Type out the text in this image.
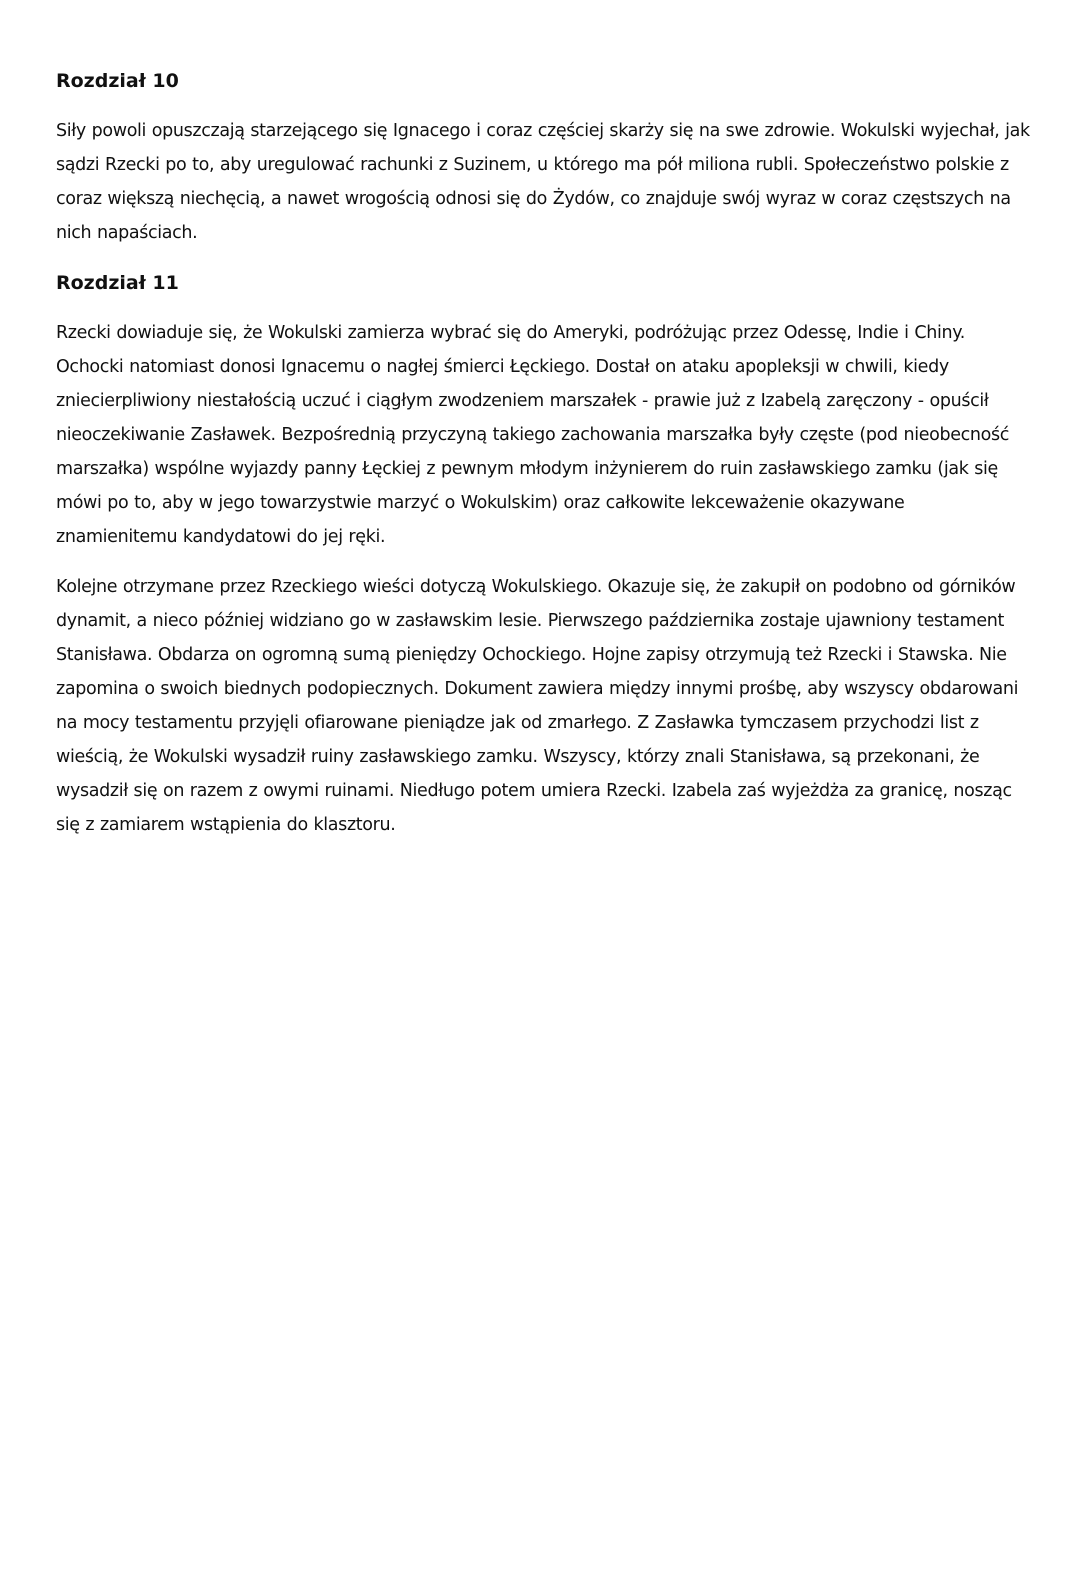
Rozdział 10

Siły powoli opuszczają starzejącego się Ignacego i coraz częściej skarży się na swe zdrowie. Wokulski wyjechał, jak sądzi Rzecki po to, aby uregulować rachunki z Suzinem, u którego ma pół miliona rubli. Społeczeństwo polskie z coraz większą niechęcią, a nawet wrogością odnosi się do Żydów, co znajduje swój wyraz w coraz częstszych na nich napaściach.

Rozdział 11

Rzecki dowiaduje się, że Wokulski zamierza wybrać się do Ameryki, podróżując przez Odessę, Indie i Chiny. Ochocki natomiast donosi Ignacemu o nagłej śmierci Łęckiego. Dostał on ataku apopleksji w chwili, kiedy zniecierpliwiony niestałością uczuć i ciągłym zwodzeniem marszałek - prawie już z Izabelą zaręczony - opuścił nieoczekiwanie Zasławek. Bezpośrednią przyczyną takiego zachowania marszałka były częste (pod nieobecność marszałka) wspólne wyjazdy panny Łęckiej z pewnym młodym inżynierem do ruin zasławskiego zamku (jak się mówi po to, aby w jego towarzystwie marzyć o Wokulskim) oraz całkowite lekceważenie okazywane znamienitemu kandydatowi do jej ręki.

Kolejne otrzymane przez Rzeckiego wieści dotyczą Wokulskiego. Okazuje się, że zakupił on podobno od górników dynamit, a nieco później widziano go w zasławskim lesie. Pierwszego października zostaje ujawniony testament Stanisława. Obdarza on ogromną sumą pieniędzy Ochockiego. Hojne zapisy otrzymują też Rzecki i Stawska. Nie zapomina o swoich biednych podopiecznych. Dokument zawiera między innymi prośbę, aby wszyscy obdarowani na mocy testamentu przyjęli ofiarowane pieniądze jak od zmarłego. Z Zasławka tymczasem przychodzi list z wieścią, że Wokulski wysadził ruiny zasławskiego zamku. Wszyscy, którzy znali Stanisława, są przekonani, że wysadził się on razem z owymi ruinami. Niedługo potem umiera Rzecki. Izabela zaś wyjeżdża za granicę, nosząc się z zamiarem wstąpienia do klasztoru.
